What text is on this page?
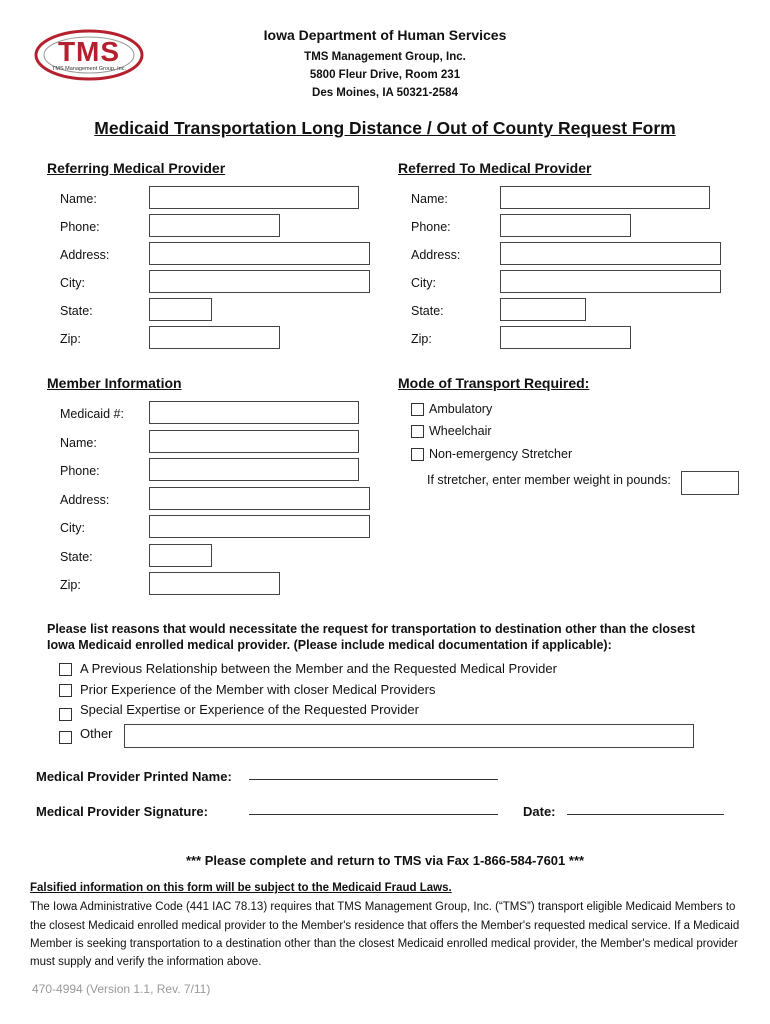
TMS
TMS Management Group, Inc.
Iowa Department of Human Services
TMS Management Group, Inc.
5800 Fleur Drive, Room 231
Des Moines, IA 50321-2584
Medicaid Transportation Long Distance / Out of County Request Form
Referring Medical Provider
Name:
Phone:
Address:
City:
State:
Zip:
Referred To Medical Provider
Name:
Phone:
Address:
City:
State:
Zip:
Member Information
Medicaid #:
Name:
Phone:
Address:
City:
State:
Zip:
Mode of Transport Required:
Ambulatory
Wheelchair
Non-emergency Stretcher
If stretcher, enter member weight in pounds:
Please list reasons that would necessitate the request for transportation to destination other than the closest
Iowa Medicaid enrolled medical provider. (Please include medical documentation if applicable):
A Previous Relationship between the Member and the Requested Medical Provider
Prior Experience of the Member with closer Medical Providers
Special Expertise or Experience of the Requested Provider
Other
Medical Provider Printed Name:
Medical Provider Signature:	Date:
*** Please complete and return to TMS via Fax 1-866-584-7601 ***
Falsified information on this form will be subject to the Medicaid Fraud Laws.
The Iowa Administrative Code (441 IAC 78.13) requires that TMS Management Group, Inc. (“TMS”) transport eligible Medicaid Members to
the closest Medicaid enrolled medical provider to the Member's residence that offers the Member's requested medical service. If a Medicaid
Member is seeking transportation to a destination other than the closest Medicaid enrolled medical provider, the Member's medical provider
must supply and verify the information above.
470-4994 (Version 1.1, Rev. 7/11)
